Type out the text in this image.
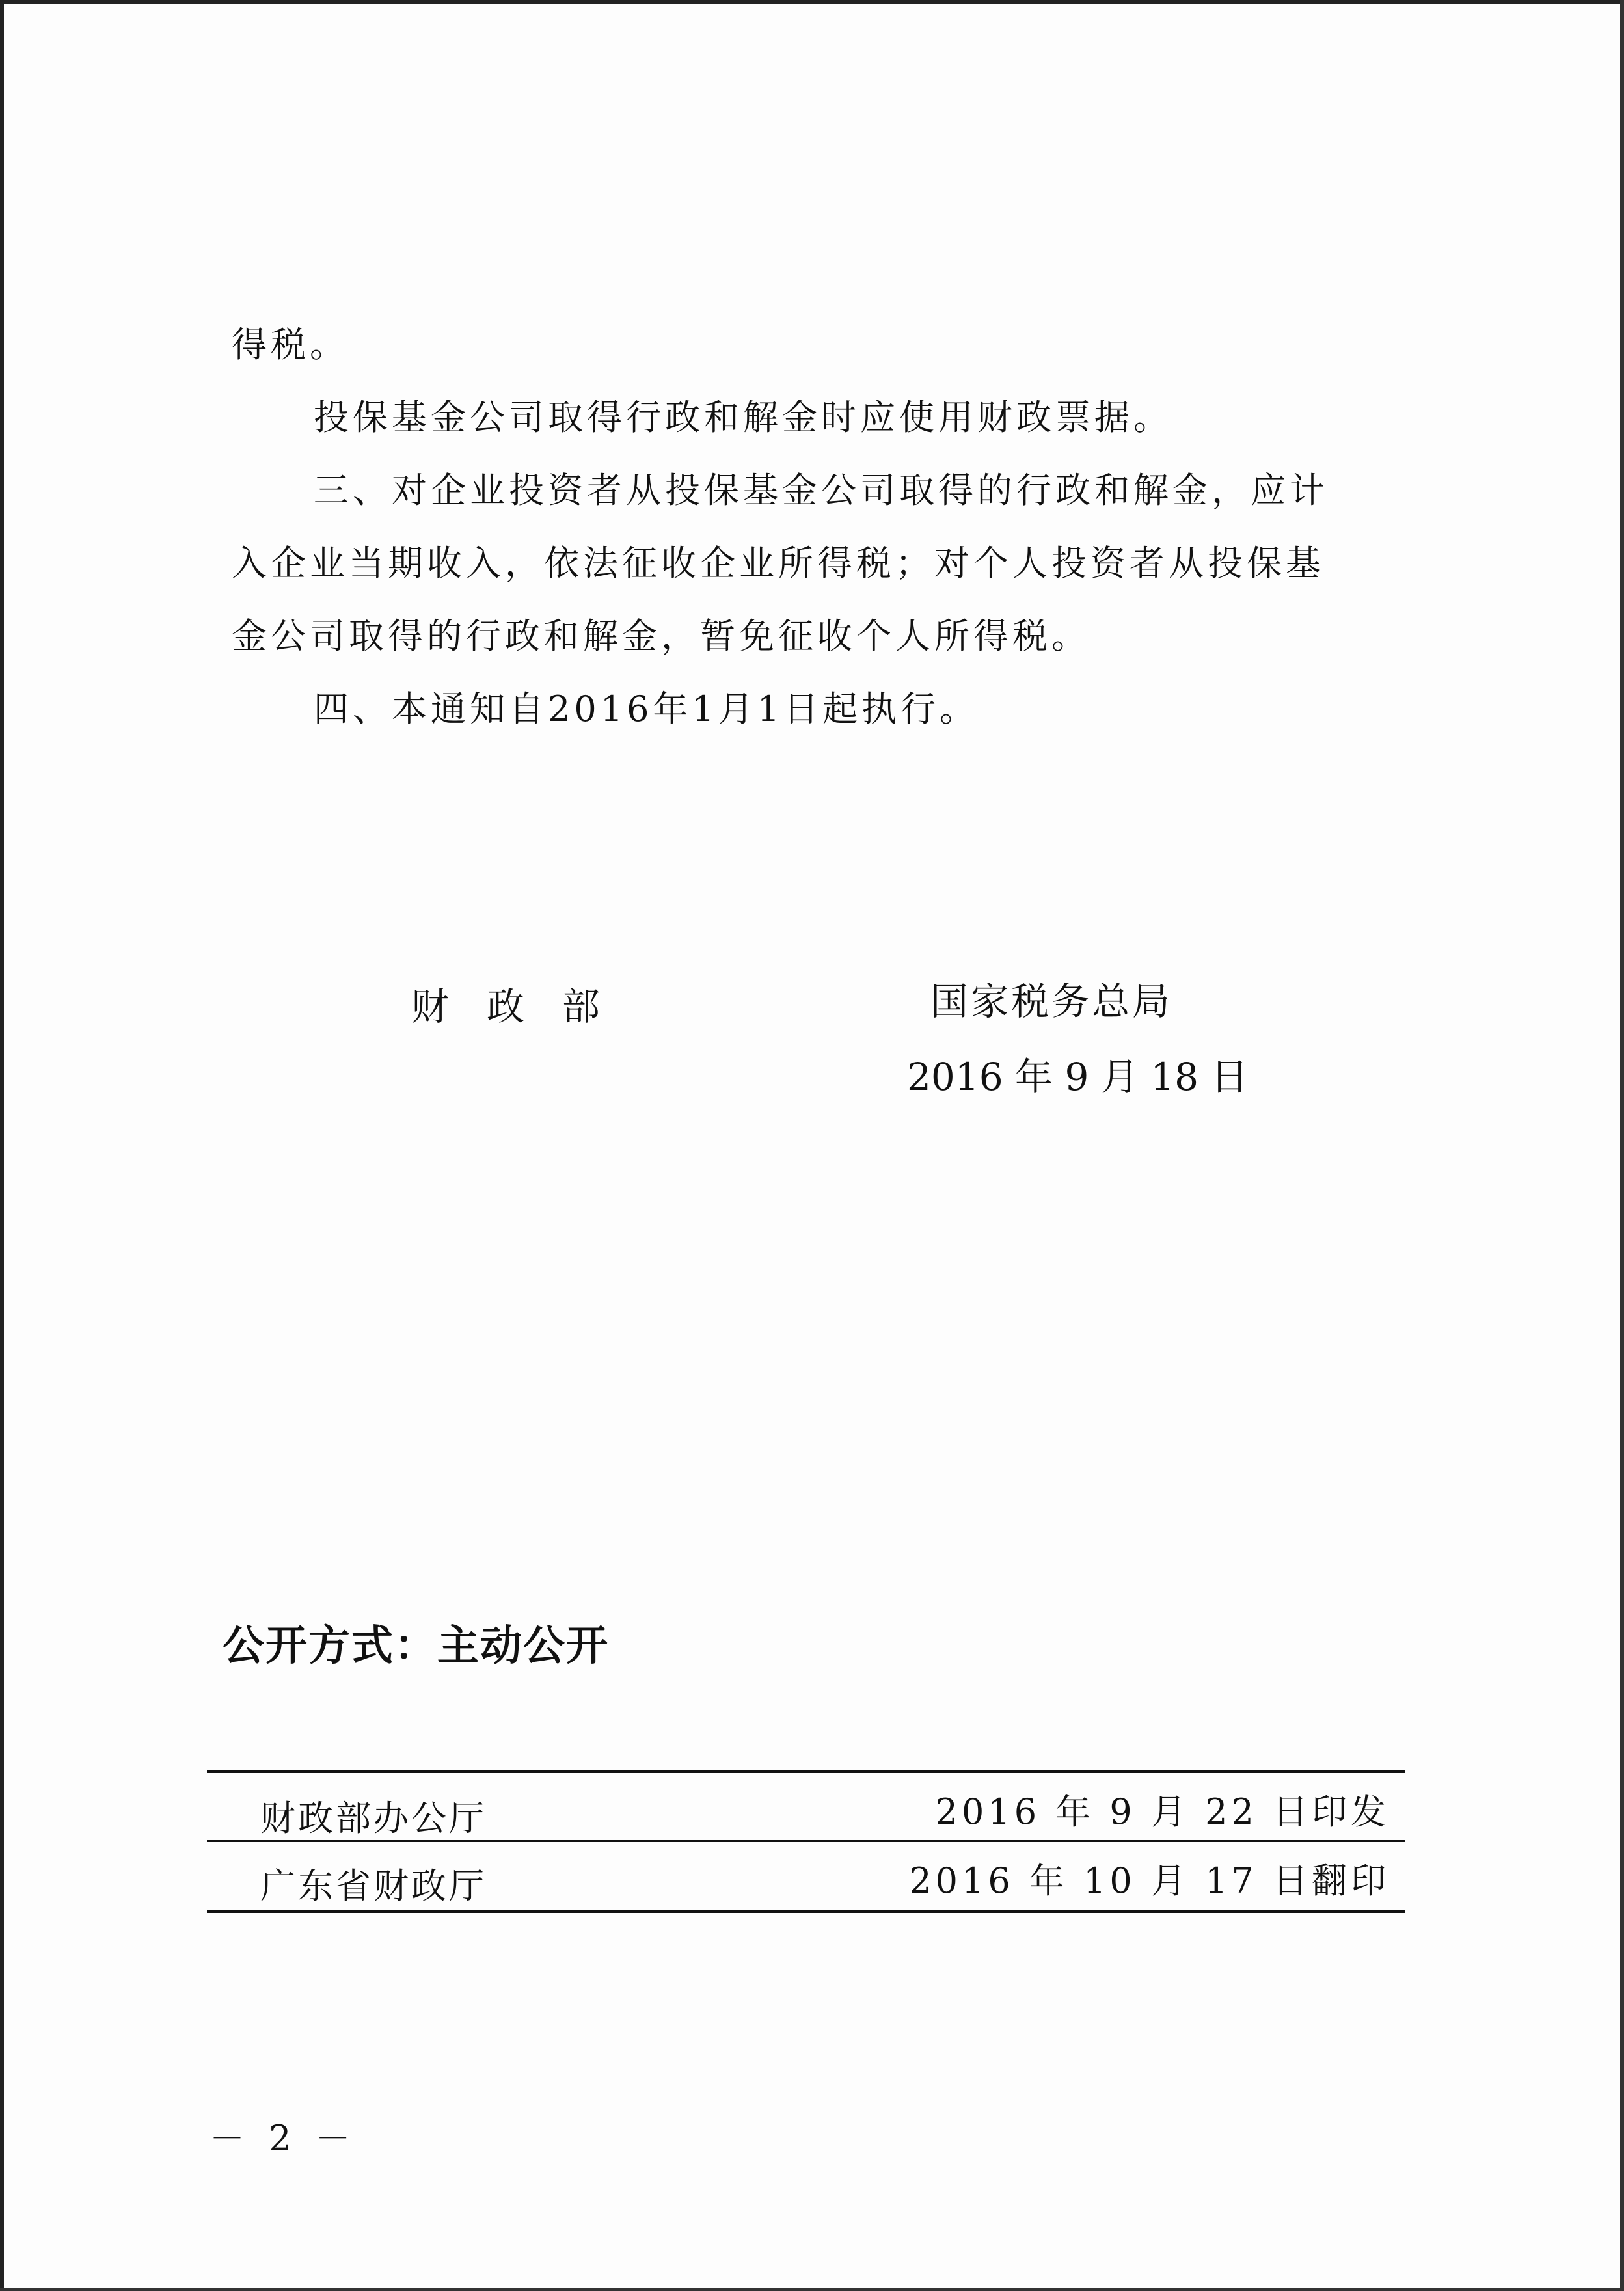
得税。
投保基金公司取得行政和解金时应使用财政票据。
三、对企业投资者从投保基金公司取得的行政和解金，应计
入企业当期收入，依法征收企业所得税；对个人投资者从投保基
金公司取得的行政和解金，暂免征收个人所得税。
四、本通知自2016年1月1日起执行。
财　政　部	国家税务总局
2016 年 9 月 18 日
公开方式：主动公开
财政部办公厅	2016 年 9 月 22 日印发
广东省财政厅	2016 年 10 月 17 日翻印
－ 2 －
